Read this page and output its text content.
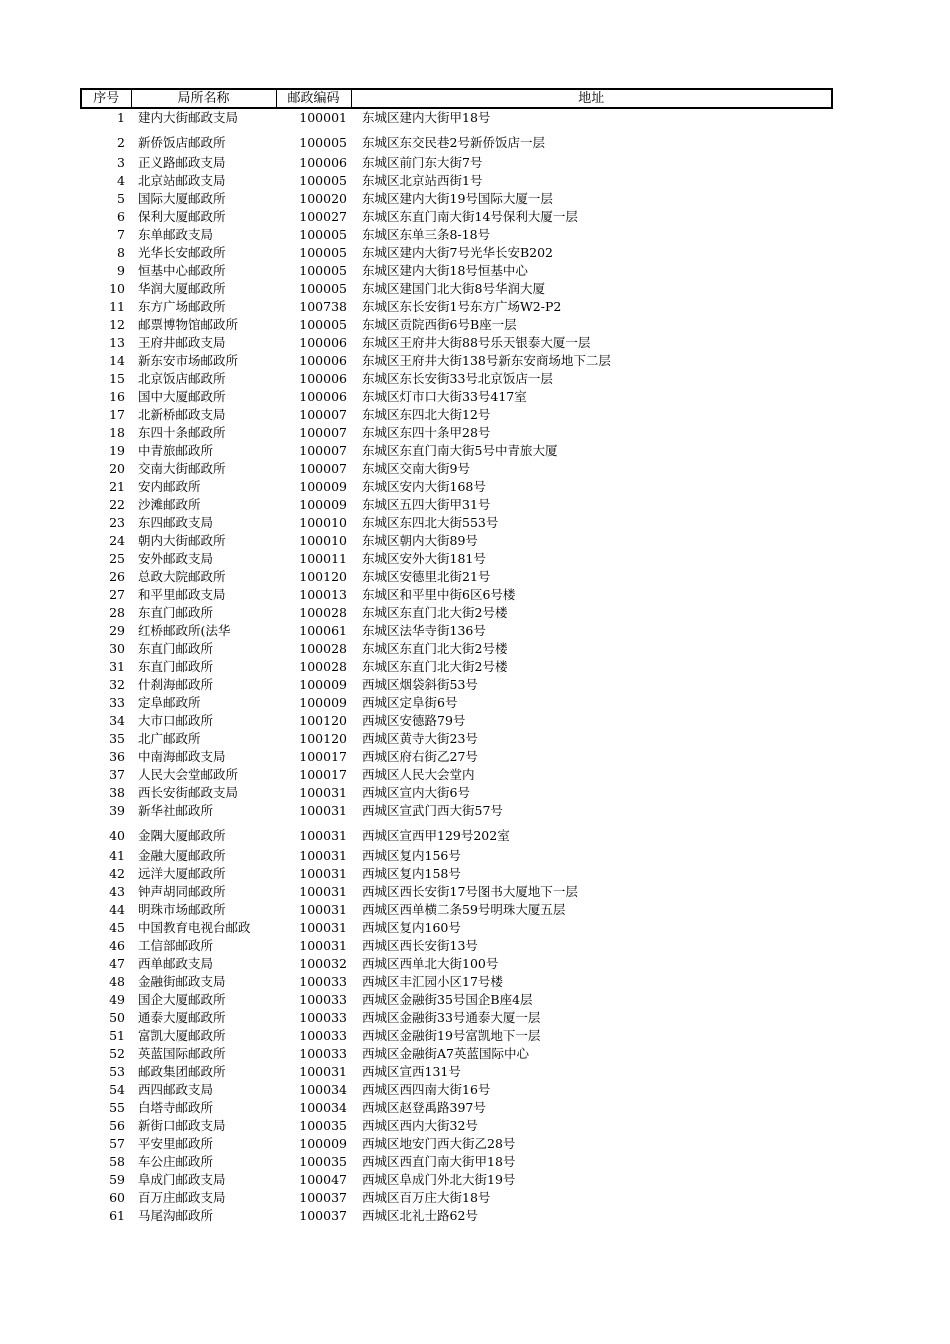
序号	局所名称	邮政编码	地址
1	建内大街邮政支局	100001	东城区建内大街甲18号
2	新侨饭店邮政所	100005	东城区东交民巷2号新侨饭店一层
3	正义路邮政支局	100006	东城区前门东大街7号
4	北京站邮政支局	100005	东城区北京站西街1号
5	国际大厦邮政所	100020	东城区建内大街19号国际大厦一层
6	保利大厦邮政所	100027	东城区东直门南大街14号保利大厦一层
7	东单邮政支局	100005	东城区东单三条8-18号
8	光华长安邮政所	100005	东城区建内大街7号光华长安B202
9	恒基中心邮政所	100005	东城区建内大街18号恒基中心
10	华润大厦邮政所	100005	东城区建国门北大街8号华润大厦
11	东方广场邮政所	100738	东城区东长安街1号东方广场W2-P2
12	邮票博物馆邮政所	100005	东城区贡院西街6号B座一层
13	王府井邮政支局	100006	东城区王府井大街88号乐天银泰大厦一层
14	新东安市场邮政所	100006	东城区王府井大街138号新东安商场地下二层
15	北京饭店邮政所	100006	东城区东长安街33号北京饭店一层
16	国中大厦邮政所	100006	东城区灯市口大街33号417室
17	北新桥邮政支局	100007	东城区东四北大街12号
18	东四十条邮政所	100007	东城区东四十条甲28号
19	中青旅邮政所	100007	东城区东直门南大街5号中青旅大厦
20	交南大街邮政所	100007	东城区交南大街9号
21	安内邮政所	100009	东城区安内大街168号
22	沙滩邮政所	100009	东城区五四大街甲31号
23	东四邮政支局	100010	东城区东四北大街553号
24	朝内大街邮政所	100010	东城区朝内大街89号
25	安外邮政支局	100011	东城区安外大街181号
26	总政大院邮政所	100120	东城区安德里北街21号
27	和平里邮政支局	100013	东城区和平里中街6区6号楼
28	东直门邮政所	100028	东城区东直门北大街2号楼
29	红桥邮政所(法华	100061	东城区法华寺街136号
30	东直门邮政所	100028	东城区东直门北大街2号楼
31	东直门邮政所	100028	东城区东直门北大街2号楼
32	什刹海邮政所	100009	西城区烟袋斜街53号
33	定阜邮政所	100009	西城区定阜街6号
34	大市口邮政所	100120	西城区安德路79号
35	北广邮政所	100120	西城区黄寺大街23号
36	中南海邮政支局	100017	西城区府右街乙27号
37	人民大会堂邮政所	100017	西城区人民大会堂内
38	西长安街邮政支局	100031	西城区宣内大街6号
39	新华社邮政所	100031	西城区宣武门西大街57号
40	金隅大厦邮政所	100031	西城区宣西甲129号202室
41	金融大厦邮政所	100031	西城区复内156号
42	远洋大厦邮政所	100031	西城区复内158号
43	钟声胡同邮政所	100031	西城区西长安街17号图书大厦地下一层
44	明珠市场邮政所	100031	西城区西单横二条59号明珠大厦五层
45	中国教育电视台邮政	100031	西城区复内160号
46	工信部邮政所	100031	西城区西长安街13号
47	西单邮政支局	100032	西城区西单北大街100号
48	金融街邮政支局	100033	西城区丰汇园小区17号楼
49	国企大厦邮政所	100033	西城区金融街35号国企B座4层
50	通泰大厦邮政所	100033	西城区金融街33号通泰大厦一层
51	富凯大厦邮政所	100033	西城区金融街19号富凯地下一层
52	英蓝国际邮政所	100033	西城区金融街A7英蓝国际中心
53	邮政集团邮政所	100031	西城区宣西131号
54	西四邮政支局	100034	西城区西四南大街16号
55	白塔寺邮政所	100034	西城区赵登禹路397号
56	新街口邮政支局	100035	西城区西内大街32号
57	平安里邮政所	100009	西城区地安门西大街乙28号
58	车公庄邮政所	100035	西城区西直门南大街甲18号
59	阜成门邮政支局	100047	西城区阜成门外北大街19号
60	百万庄邮政支局	100037	西城区百万庄大街18号
61	马尾沟邮政所	100037	西城区北礼士路62号
